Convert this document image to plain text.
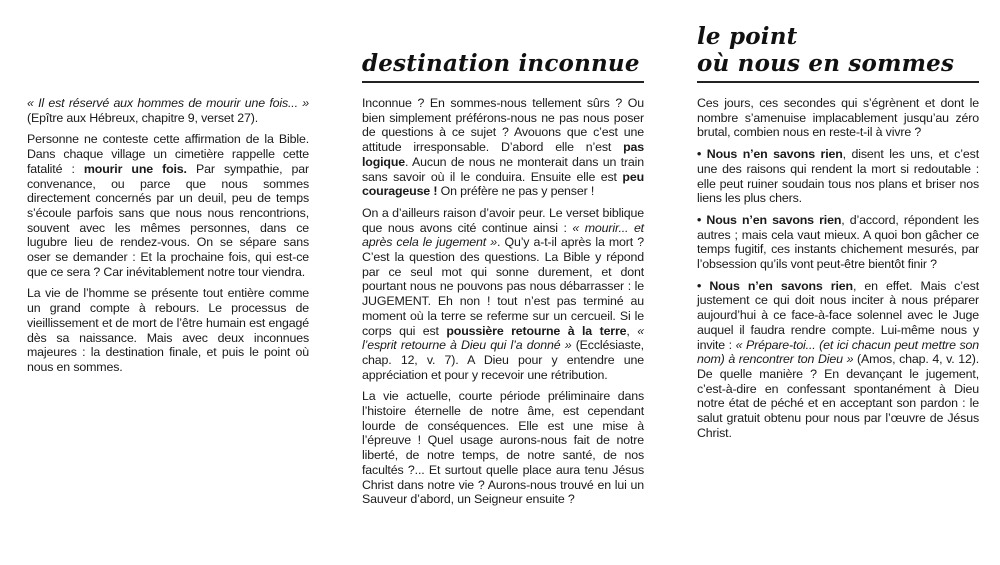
destination inconnue
le point
où nous en sommes

« Il est réservé aux hommes de mourir une fois... » (Epître aux Hébreux, chapitre 9, verset 27).

Personne ne conteste cette affirmation de la Bible. Dans chaque village un cimetière rappelle cette fatalité : mourir une fois. Par sympathie, par convenance, ou parce que nous sommes directement concernés par un deuil, peu de temps s’écoule parfois sans que nous nous rencontrions, souvent avec les mêmes personnes, dans ce lugubre lieu de rendez-vous. On se sépare sans oser se demander : Et la prochaine fois, qui est-ce que ce sera ? Car inévitablement notre tour viendra.

La vie de l’homme se présente tout entière comme un grand compte à rebours. Le processus de vieillissement et de mort de l’être humain est engagé dès sa naissance. Mais avec deux inconnues majeures : la destination finale, et puis le point où nous en sommes.

Inconnue ? En sommes-nous tellement sûrs ? Ou bien simplement préférons-nous ne pas nous poser de questions à ce sujet ? Avouons que c’est une attitude irresponsable. D’abord elle n’est pas logique. Aucun de nous ne monterait dans un train sans savoir où il le conduira. Ensuite elle est peu courageuse ! On préfère ne pas y penser !

On a d’ailleurs raison d’avoir peur. Le verset biblique que nous avons cité continue ainsi : « mourir... et après cela le jugement ». Qu’y a-t-il après la mort ? C’est la question des questions. La Bible y répond par ce seul mot qui sonne durement, et dont pourtant nous ne pouvons pas nous débarrasser : le JUGEMENT. Eh non ! tout n’est pas terminé au moment où la terre se referme sur un cercueil. Si le corps qui est poussière retourne à la terre, « l’esprit retourne à Dieu qui l’a donné » (Ecclésiaste, chap. 12, v. 7). A Dieu pour y entendre une appréciation et pour y recevoir une rétribution.

La vie actuelle, courte période préliminaire dans l’histoire éternelle de notre âme, est cependant lourde de conséquences. Elle est une mise à l’épreuve ! Quel usage aurons-nous fait de notre liberté, de notre temps, de notre santé, de nos facultés ?... Et surtout quelle place aura tenu Jésus Christ dans notre vie ? Aurons-nous trouvé en lui un Sauveur d’abord, un Seigneur ensuite ?

Ces jours, ces secondes qui s’égrènent et dont le nombre s’amenuise implacablement jusqu’au zéro brutal, combien nous en reste-t-il à vivre ?

• Nous n’en savons rien, disent les uns, et c’est une des raisons qui rendent la mort si redoutable : elle peut ruiner soudain tous nos plans et briser nos liens les plus chers.

• Nous n’en savons rien, d’accord, répondent les autres ; mais cela vaut mieux. A quoi bon gâcher ce temps fugitif, ces instants chichement mesurés, par l’obsession qu’ils vont peut-être bientôt finir ?

• Nous n’en savons rien, en effet. Mais c’est justement ce qui doit nous inciter à nous préparer aujourd’hui à ce face-à-face solennel avec le Juge auquel il faudra rendre compte. Lui-même nous y invite : « Prépare-toi... (et ici chacun peut mettre son nom) à rencontrer ton Dieu » (Amos, chap. 4, v. 12). De quelle manière ? En devançant le jugement, c’est-à-dire en confessant spontanément à Dieu notre état de péché et en acceptant son pardon : le salut gratuit obtenu pour nous par l’œuvre de Jésus Christ.
